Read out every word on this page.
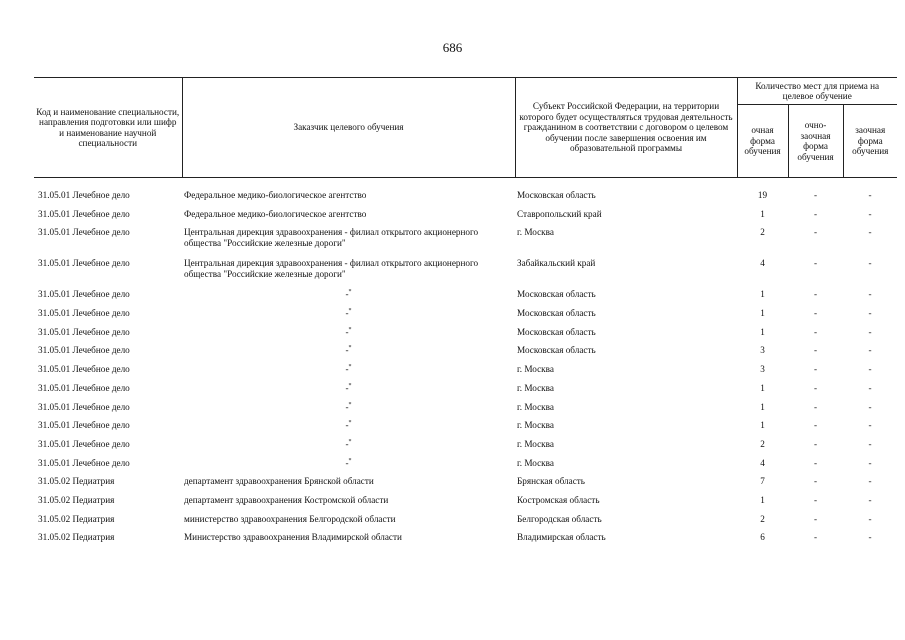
686
Код и наименование специальности, направления подготовки или шифр и наименование научной специальности	Заказчик целевого обучения	Субъект Российской Федерации, на территории которого будет осуществляться трудовая деятельность гражданином в соответствии с договором о целевом обучении после завершения освоения им образовательной программы	Количество мест для приема на целевое обучение		
			очная форма обучения	очно-заочная форма обучения	заочная форма обучения

31.05.01 Лечебное дело	Федеральное медико-биологическое агентство	Московская область	19	-	-
31.05.01 Лечебное дело	Федеральное медико-биологическое агентство	Ставропольский край	1	-	-
31.05.01 Лечебное дело	Центральная дирекция здравоохранения - филиал открытого акционерного общества "Российские железные дороги"	г. Москва	2	-	-
31.05.01 Лечебное дело	Центральная дирекция здравоохранения - филиал открытого акционерного общества "Российские железные дороги"	Забайкальский край	4	-	-
31.05.01 Лечебное дело	-*	Московская область	1	-	-
31.05.01 Лечебное дело	-*	Московская область	1	-	-
31.05.01 Лечебное дело	-*	Московская область	1	-	-
31.05.01 Лечебное дело	-*	Московская область	3	-	-
31.05.01 Лечебное дело	-*	г. Москва	3	-	-
31.05.01 Лечебное дело	-*	г. Москва	1	-	-
31.05.01 Лечебное дело	-*	г. Москва	1	-	-
31.05.01 Лечебное дело	-*	г. Москва	1	-	-
31.05.01 Лечебное дело	-*	г. Москва	2	-	-
31.05.01 Лечебное дело	-*	г. Москва	4	-	-
31.05.02 Педиатрия	департамент здравоохранения Брянской области	Брянская область	7	-	-
31.05.02 Педиатрия	департамент здравоохранения Костромской области	Костромская область	1	-	-
31.05.02 Педиатрия	министерство здравоохранения Белгородской области	Белгородская область	2	-	-
31.05.02 Педиатрия	Министерство здравоохранения Владимирской области	Владимирская область	6	-	-
